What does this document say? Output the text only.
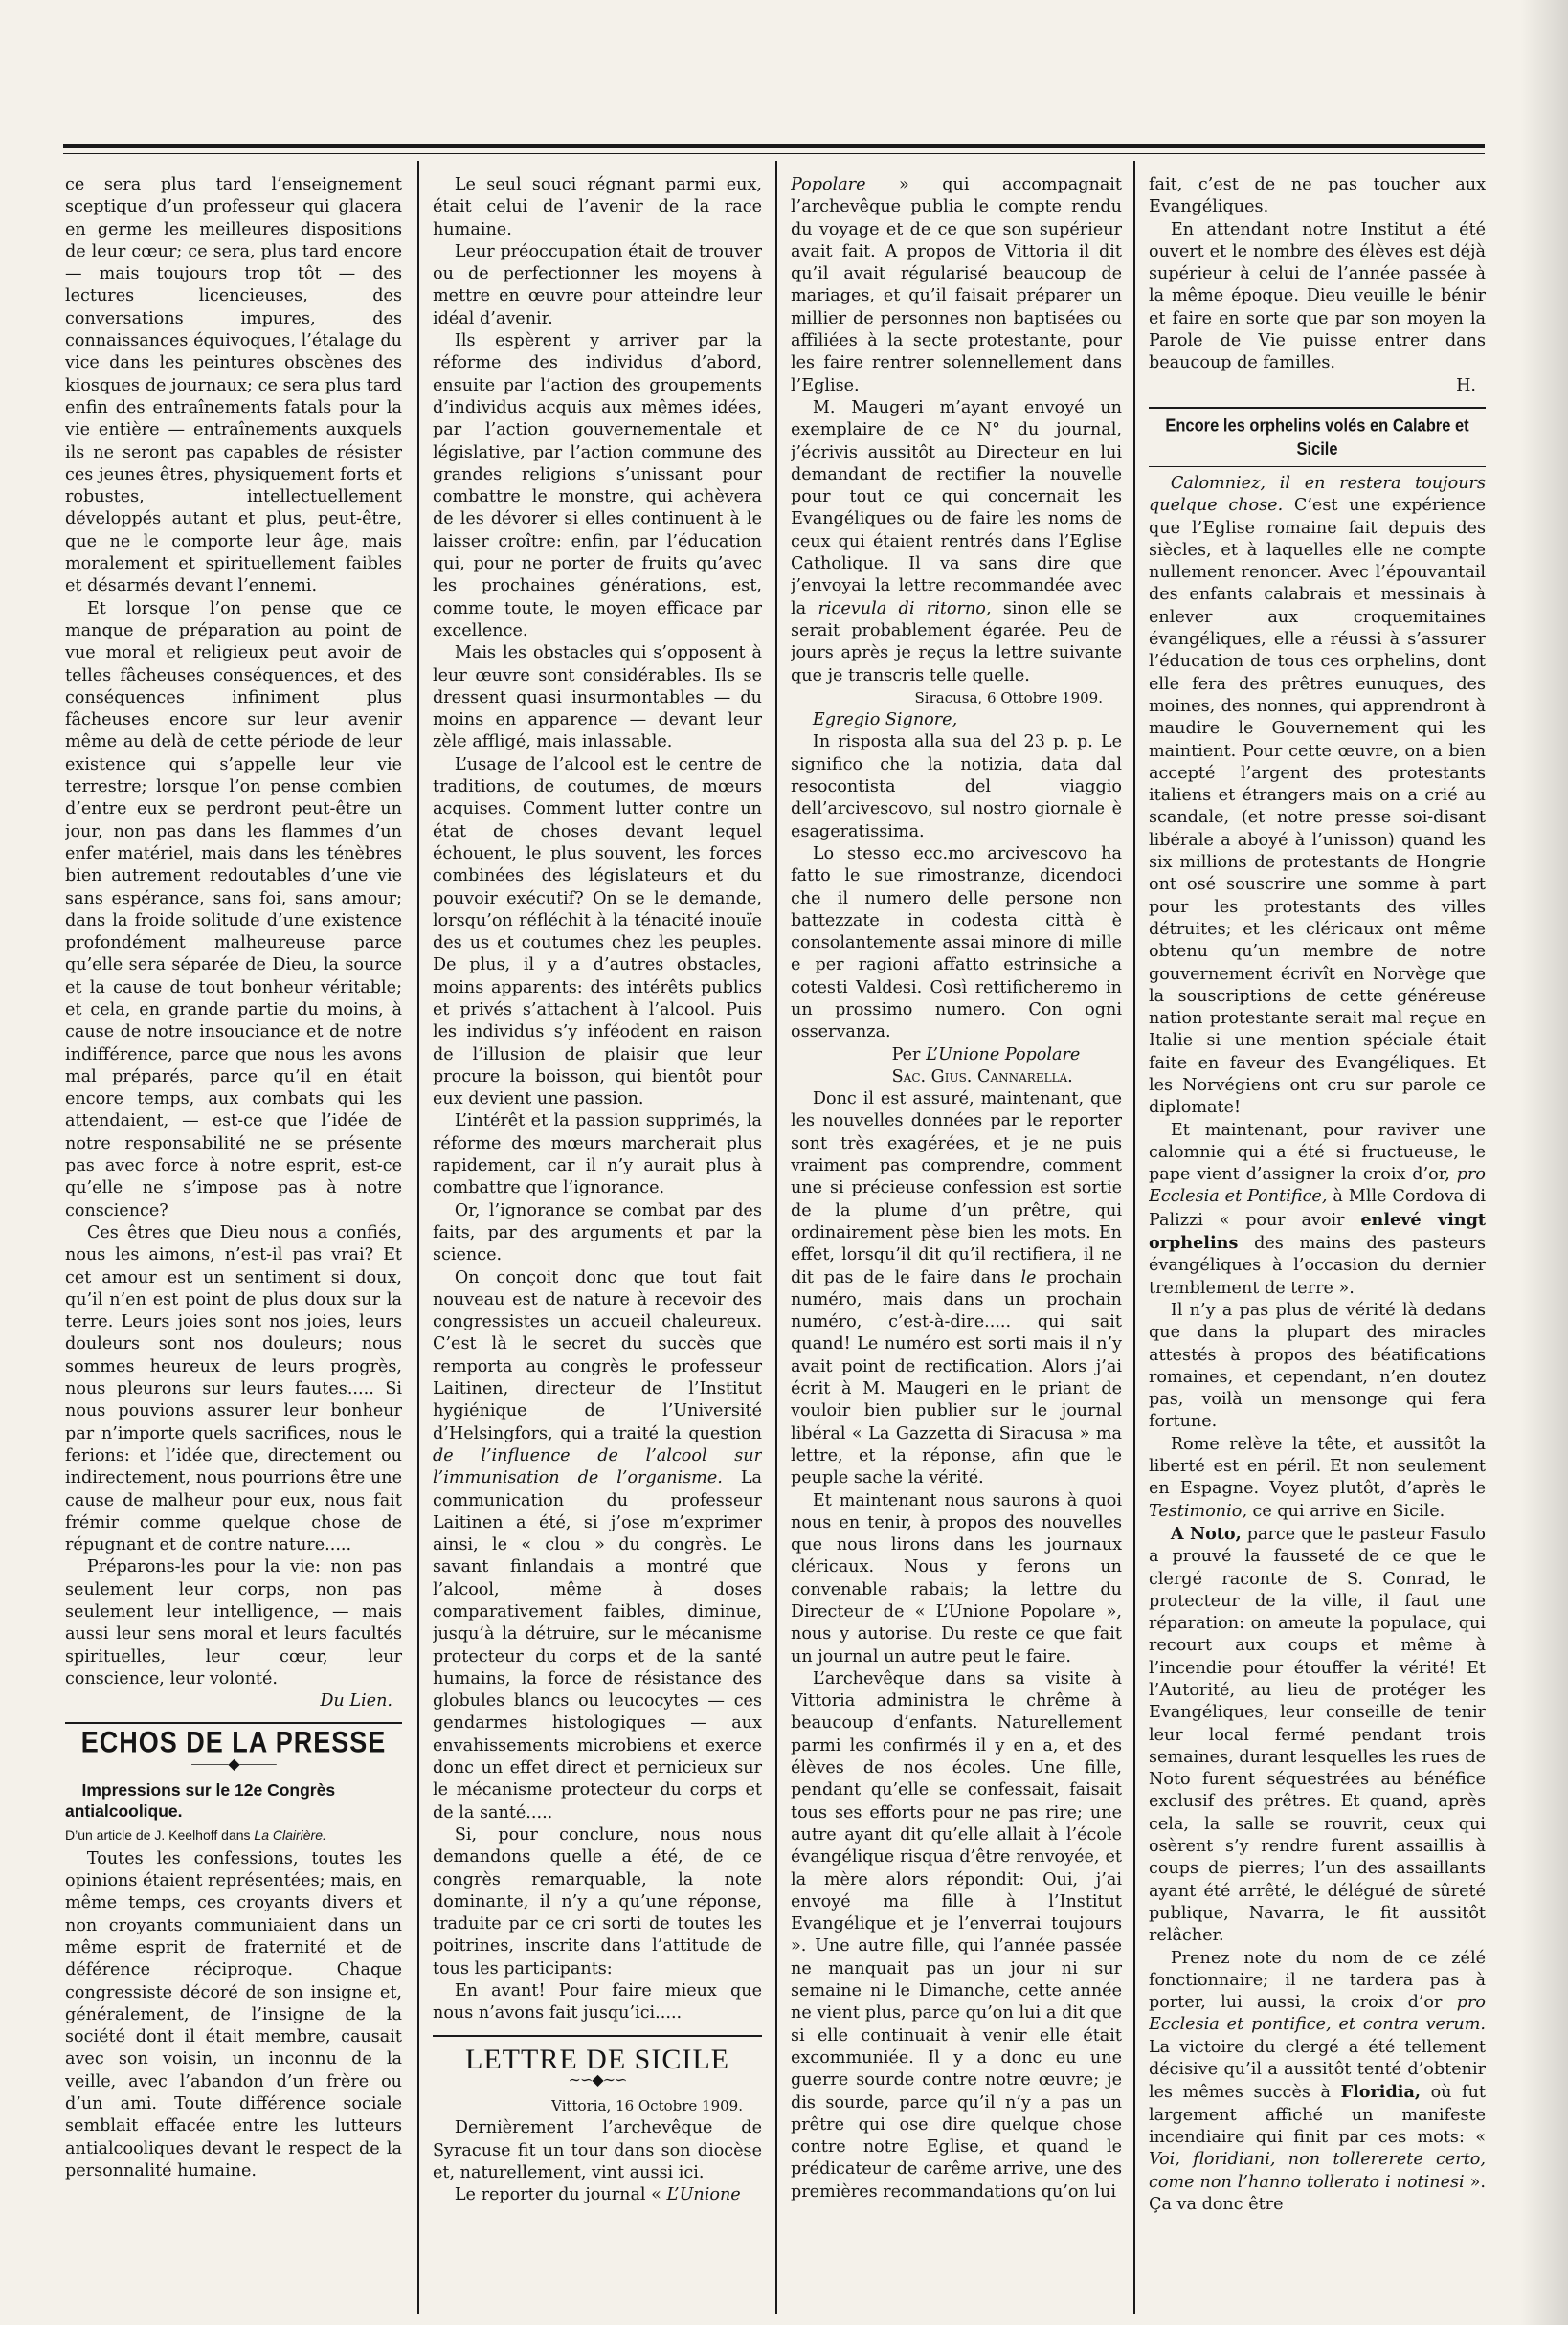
ce sera plus tard l’enseignement sceptique d’un professeur qui glacera en germe les meilleures dispositions de leur cœur; ce sera, plus tard encore — mais toujours trop tôt — des lectures licencieuses, des conversations impures, des connaissances équivoques, l’étalage du vice dans les peintures obscènes des kiosques de journaux; ce sera plus tard enfin des entraînements fatals pour la vie entière — entraînements auxquels ils ne seront pas capables de résister ces jeunes êtres, physiquement forts et robustes, intellectuellement développés autant et plus, peut-être, que ne le comporte leur âge, mais moralement et spirituellement faibles et désarmés devant l’ennemi.

Et lorsque l’on pense que ce manque de préparation au point de vue moral et religieux peut avoir de telles fâcheuses conséquences, et des conséquences infiniment plus fâcheuses encore sur leur avenir même au delà de cette période de leur existence qui s’appelle leur vie terrestre; lorsque l’on pense combien d’entre eux se perdront peut-être un jour, non pas dans les flammes d’un enfer matériel, mais dans les ténèbres bien autrement redoutables d’une vie sans espérance, sans foi, sans amour; dans la froide solitude d’une existence profondément malheureuse parce qu’elle sera séparée de Dieu, la source et la cause de tout bonheur véritable; et cela, en grande partie du moins, à cause de notre insouciance et de notre indifférence, parce que nous les avons mal préparés, parce qu’il en était encore temps, aux combats qui les attendaient, — est-ce que l’idée de notre responsabilité ne se présente pas avec force à notre esprit, est-ce qu’elle ne s’impose pas à notre conscience?

Ces êtres que Dieu nous a confiés, nous les aimons, n’est-il pas vrai? Et cet amour est un sentiment si doux, qu’il n’en est point de plus doux sur la terre. Leurs joies sont nos joies, leurs douleurs sont nos douleurs; nous sommes heureux de leurs progrès, nous pleurons sur leurs fautes..... Si nous pouvions assurer leur bonheur par n’importe quels sacrifices, nous le ferions: et l’idée que, directement ou indirectement, nous pourrions être une cause de malheur pour eux, nous fait frémir comme quelque chose de répugnant et de contre nature.....

Préparons-les pour la vie: non pas seulement leur corps, non pas seulement leur intelligence, — mais aussi leur sens moral et leurs facultés spirituelles, leur cœur, leur conscience, leur volonté.

Du Lien.

ECHOS DE LA PRESSE
⸻◆⸻
Impressions sur le 12e Congrès antialcoolique.
D’un article de J. Keelhoff dans La Clairière.

Toutes les confessions, toutes les opinions étaient représentées; mais, en même temps, ces croyants divers et non croyants communiaient dans un même esprit de fraternité et de déférence réciproque. Chaque congressiste décoré de son insigne et, généralement, de l’insigne de la société dont il était membre, causait avec son voisin, un inconnu de la veille, avec l’abandon d’un frère ou d’un ami. Toute différence sociale semblait effacée entre les lutteurs antialcooliques devant le respect de la personnalité humaine.

Le seul souci régnant parmi eux, était celui de l’avenir de la race humaine.

Leur préoccupation était de trouver ou de perfectionner les moyens à mettre en œuvre pour atteindre leur idéal d’avenir.

Ils espèrent y arriver par la réforme des individus d’abord, ensuite par l’action des groupements d’individus acquis aux mêmes idées, par l’action gouvernementale et législative, par l’action commune des grandes religions s’unissant pour combattre le monstre, qui achèvera de les dévorer si elles continuent à le laisser croître: enfin, par l’éducation qui, pour ne porter de fruits qu’avec les prochaines générations, est, comme toute, le moyen efficace par excellence.

Mais les obstacles qui s’opposent à leur œuvre sont considérables. Ils se dressent quasi insurmontables — du moins en apparence — devant leur zèle affligé, mais inlassable.

L’usage de l’alcool est le centre de traditions, de coutumes, de mœurs acquises. Comment lutter contre un état de choses devant lequel échouent, le plus souvent, les forces combinées des législateurs et du pouvoir exécutif? On se le demande, lorsqu’on réfléchit à la ténacité inouïe des us et coutumes chez les peuples. De plus, il y a d’autres obstacles, moins apparents: des intérêts publics et privés s’attachent à l’alcool. Puis les individus s’y inféodent en raison de l’illusion de plaisir que leur procure la boisson, qui bientôt pour eux devient une passion.

L’intérêt et la passion supprimés, la réforme des mœurs marcherait plus rapidement, car il n’y aurait plus à combattre que l’ignorance.

Or, l’ignorance se combat par des faits, par des arguments et par la science.

On conçoit donc que tout fait nouveau est de nature à recevoir des congressistes un accueil chaleureux. C’est là le secret du succès que remporta au congrès le professeur Laitinen, directeur de l’Institut hygiénique de l’Université d’Helsingfors, qui a traité la question de l’influence de l’alcool sur l’immunisation de l’organisme. La communication du professeur Laitinen a été, si j’ose m’exprimer ainsi, le « clou » du congrès. Le savant finlandais a montré que l’alcool, même à doses comparativement faibles, diminue, jusqu’à la détruire, sur le mécanisme protecteur du corps et de la santé humains, la force de résistance des globules blancs ou leucocytes — ces gendarmes histologiques — aux envahissements microbiens et exerce donc un effet direct et pernicieux sur le mécanisme protecteur du corps et de la santé.....

Si, pour conclure, nous nous demandons quelle a été, de ce congrès remarquable, la note dominante, il n’y a qu’une réponse, traduite par ce cri sorti de toutes les poitrines, inscrite dans l’attitude de tous les participants:

En avant! Pour faire mieux que nous n’avons fait jusqu’ici.....

LETTRE DE SICILE
∼∽◆∼∽

Vittoria, 16 Octobre 1909.

Dernièrement l’archevêque de Syracuse fit un tour dans son diocèse et, naturellement, vint aussi ici.

Le reporter du journal « L’Unione

Popolare » qui accompagnait l’archevêque publia le compte rendu du voyage et de ce que son supérieur avait fait. A propos de Vittoria il dit qu’il avait régularisé beaucoup de mariages, et qu’il faisait préparer un millier de personnes non baptisées ou affiliées à la secte protestante, pour les faire rentrer solennellement dans l’Eglise.

M. Maugeri m’ayant envoyé un exemplaire de ce N° du journal, j’écrivis aussitôt au Directeur en lui demandant de rectifier la nouvelle pour tout ce qui concernait les Evangéliques ou de faire les noms de ceux qui étaient rentrés dans l’Eglise Catholique. Il va sans dire que j’envoyai la lettre recommandée avec la ricevula di ritorno, sinon elle se serait probablement égarée. Peu de jours après je reçus la lettre suivante que je transcris telle quelle.

Siracusa, 6 Ottobre 1909.

Egregio Signore,

In risposta alla sua del 23 p. p. Le significo che la notizia, data dal resocontista del viaggio dell’arcivescovo, sul nostro giornale è esageratissima.

Lo stesso ecc.mo arcivescovo ha fatto le sue rimostranze, dicendoci che il numero delle persone non battezzate in codesta città è consolantemente assai minore di mille e per ragioni affatto estrinsiche a cotesti Valdesi. Così rettificheremo in un prossimo numero. Con ogni osservanza.

Per L’Unione Popolare

Sac. Gius. Cannarella.

Donc il est assuré, maintenant, que les nouvelles données par le reporter sont très exagérées, et je ne puis vraiment pas comprendre, comment une si précieuse confession est sortie de la plume d’un prêtre, qui ordinairement pèse bien les mots. En effet, lorsqu’il dit qu’il rectifiera, il ne dit pas de le faire dans le prochain numéro, mais dans un prochain numéro, c’est-à-dire..... qui sait quand! Le numéro est sorti mais il n’y avait point de rectification. Alors j’ai écrit à M. Maugeri en le priant de vouloir bien publier sur le journal libéral « La Gazzetta di Siracusa » ma lettre, et la réponse, afin que le peuple sache la vérité.

Et maintenant nous saurons à quoi nous en tenir, à propos des nouvelles que nous lirons dans les journaux cléricaux. Nous y ferons un convenable rabais; la lettre du Directeur de « L’Unione Popolare », nous y autorise. Du reste ce que fait un journal un autre peut le faire.

L’archevêque dans sa visite à Vittoria administra le chrême à beaucoup d’enfants. Naturellement parmi les confirmés il y en a, et des élèves de nos écoles. Une fille, pendant qu’elle se confessait, faisait tous ses efforts pour ne pas rire; une autre ayant dit qu’elle allait à l’école évangélique risqua d’être renvoyée, et la mère alors répondit: Oui, j’ai envoyé ma fille à l’Institut Evangélique et je l’enverrai toujours ». Une autre fille, qui l’année passée ne manquait pas un jour ni sur semaine ni le Dimanche, cette année ne vient plus, parce qu’on lui a dit que si elle continuait à venir elle était excommuniée. Il y a donc eu une guerre sourde contre notre œuvre; je dis sourde, parce qu’il n’y a pas un prêtre qui ose dire quelque chose contre notre Eglise, et quand le prédicateur de carême arrive, une des premières recommandations qu’on lui

fait, c’est de ne pas toucher aux Evangéliques.

En attendant notre Institut a été ouvert et le nombre des élèves est déjà supérieur à celui de l’année passée à la même époque. Dieu veuille le bénir et faire en sorte que par son moyen la Parole de Vie puisse entrer dans beaucoup de familles.

H.

Encore les orphelins volés en Calabre et Sicile

Calomniez, il en restera toujours quelque chose. C’est une expérience que l’Eglise romaine fait depuis des siècles, et à laquelles elle ne compte nullement renoncer. Avec l’épouvantail des enfants calabrais et messinais à enlever aux croquemitaines évangéliques, elle a réussi à s’assurer l’éducation de tous ces orphelins, dont elle fera des prêtres eunuques, des moines, des nonnes, qui apprendront à maudire le Gouvernement qui les maintient. Pour cette œuvre, on a bien accepté l’argent des protestants italiens et étrangers mais on a crié au scandale, (et notre presse soi-disant libérale a aboyé à l’unisson) quand les six millions de protestants de Hongrie ont osé souscrire une somme à part pour les protestants des villes détruites; et les cléricaux ont même obtenu qu’un membre de notre gouvernement écrivît en Norvège que la souscriptions de cette généreuse nation protestante serait mal reçue en Italie si une mention spéciale était faite en faveur des Evangéliques. Et les Norvégiens ont cru sur parole ce diplomate!

Et maintenant, pour raviver une calomnie qui a été si fructueuse, le pape vient d’assigner la croix d’or, pro Ecclesia et Pontifice, à Mlle Cordova di Palizzi « pour avoir enlevé vingt orphelins des mains des pasteurs évangéliques à l’occasion du dernier tremblement de terre ».

Il n’y a pas plus de vérité là dedans que dans la plupart des miracles attestés à propos des béatifications romaines, et cependant, n’en doutez pas, voilà un mensonge qui fera fortune.

Rome relève la tête, et aussitôt la liberté est en péril. Et non seulement en Espagne. Voyez plutôt, d’après le Testimonio, ce qui arrive en Sicile.

A Noto, parce que le pasteur Fasulo a prouvé la fausseté de ce que le clergé raconte de S. Conrad, le protecteur de la ville, il faut une réparation: on ameute la populace, qui recourt aux coups et même à l’incendie pour étouffer la vérité! Et l’Autorité, au lieu de protéger les Evangéliques, leur conseille de tenir leur local fermé pendant trois semaines, durant lesquelles les rues de Noto furent séquestrées au bénéfice exclusif des prêtres. Et quand, après cela, la salle se rouvrit, ceux qui osèrent s’y rendre furent assaillis à coups de pierres; l’un des assaillants ayant été arrêté, le délégué de sûreté publique, Navarra, le fit aussitôt relâcher.

Prenez note du nom de ce zélé fonctionnaire; il ne tardera pas à porter, lui aussi, la croix d’or pro Ecclesia et pontifice, et contra verum. La victoire du clergé a été tellement décisive qu’il a aussitôt tenté d’obtenir les mêmes succès à Floridia, où fut largement affiché un manifeste incendiaire qui finit par ces mots: « Voi, floridiani, non tollererete certo, come non l’hanno tollerato i notinesi ». Ça va donc être
